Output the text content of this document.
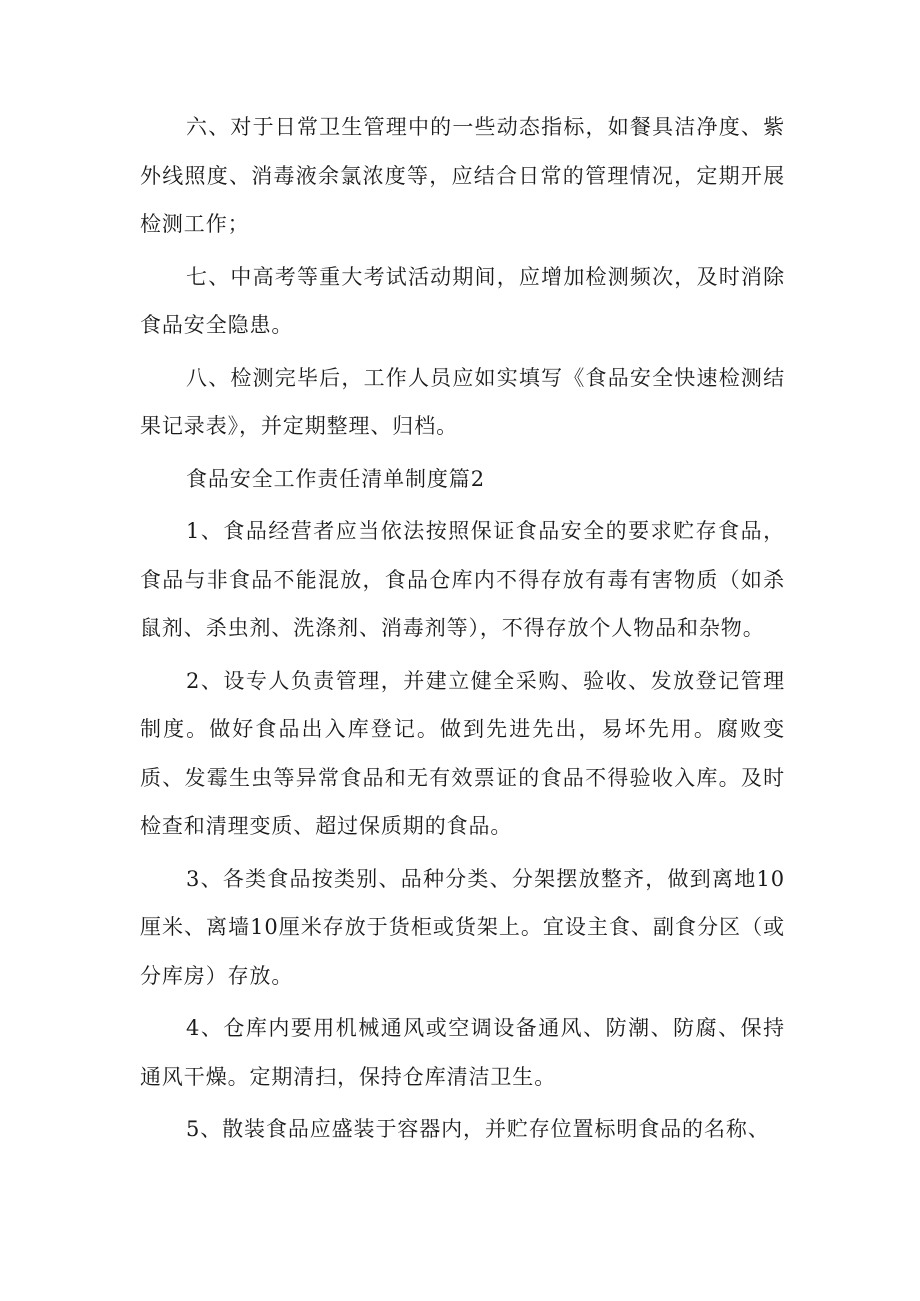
六、对于日常卫生管理中的一些动态指标，如餐具洁净度、紫外线照度、消毒液余氯浓度等，应结合日常的管理情况，定期开展检测工作；

七、中高考等重大考试活动期间，应增加检测频次，及时消除食品安全隐患。

八、检测完毕后，工作人员应如实填写《食品安全快速检测结果记录表》，并定期整理、归档。

食品安全工作责任清单制度篇2

1、食品经营者应当依法按照保证食品安全的要求贮存食品，食品与非食品不能混放，食品仓库内不得存放有毒有害物质（如杀鼠剂、杀虫剂、洗涤剂、消毒剂等），不得存放个人物品和杂物。

2、设专人负责管理，并建立健全采购、验收、发放登记管理制度。做好食品出入库登记。做到先进先出，易坏先用。腐败变质、发霉生虫等异常食品和无有效票证的食品不得验收入库。及时检查和清理变质、超过保质期的食品。

3、各类食品按类别、品种分类、分架摆放整齐，做到离地10厘米、离墙10厘米存放于货柜或货架上。宜设主食、副食分区（或分库房）存放。

4、仓库内要用机械通风或空调设备通风、防潮、防腐、保持通风干燥。定期清扫，保持仓库清洁卫生。

5、散装食品应盛装于容器内，并贮存位置标明食品的名称、
